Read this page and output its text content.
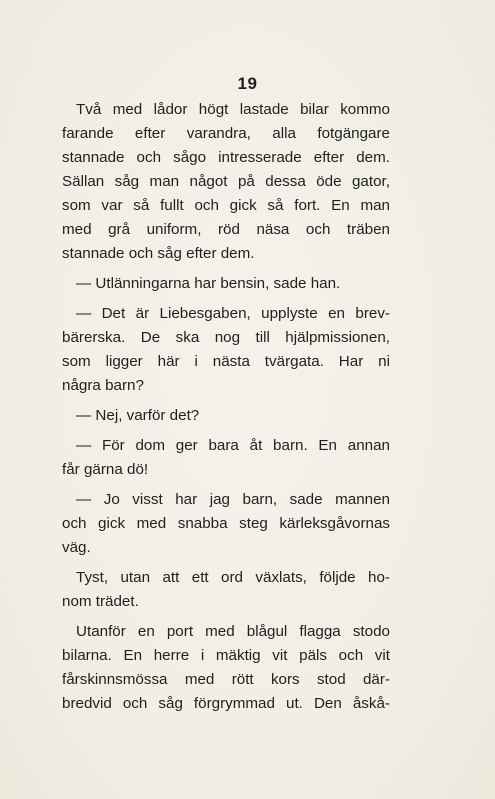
19
Två med lådor högt lastade bilar kommo
farande efter varandra, alla fotgängare
stannade och sågo intresserade efter dem.
Sällan såg man något på dessa öde gator,
som var så fullt och gick så fort. En man
med grå uniform, röd näsa och träben
stannade och såg efter dem.
— Utlänningarna har bensin, sade han.
— Det är Liebesgaben, upplyste en brev-
bärerska. De ska nog till hjälpmissionen,
som ligger här i nästa tvärgata. Har ni
några barn?
— Nej, varför det?
— För dom ger bara åt barn. En annan
får gärna dö!
— Jo visst har jag barn, sade mannen
och gick med snabba steg kärleksgåvornas
väg.
Tyst, utan att ett ord växlats, följde ho-
nom trädet.
Utanför en port med blågul flagga stodo
bilarna. En herre i mäktig vit päls och vit
fårskinnsmössa med rött kors stod där-
bredvid och såg förgrymmad ut. Den åskå-
